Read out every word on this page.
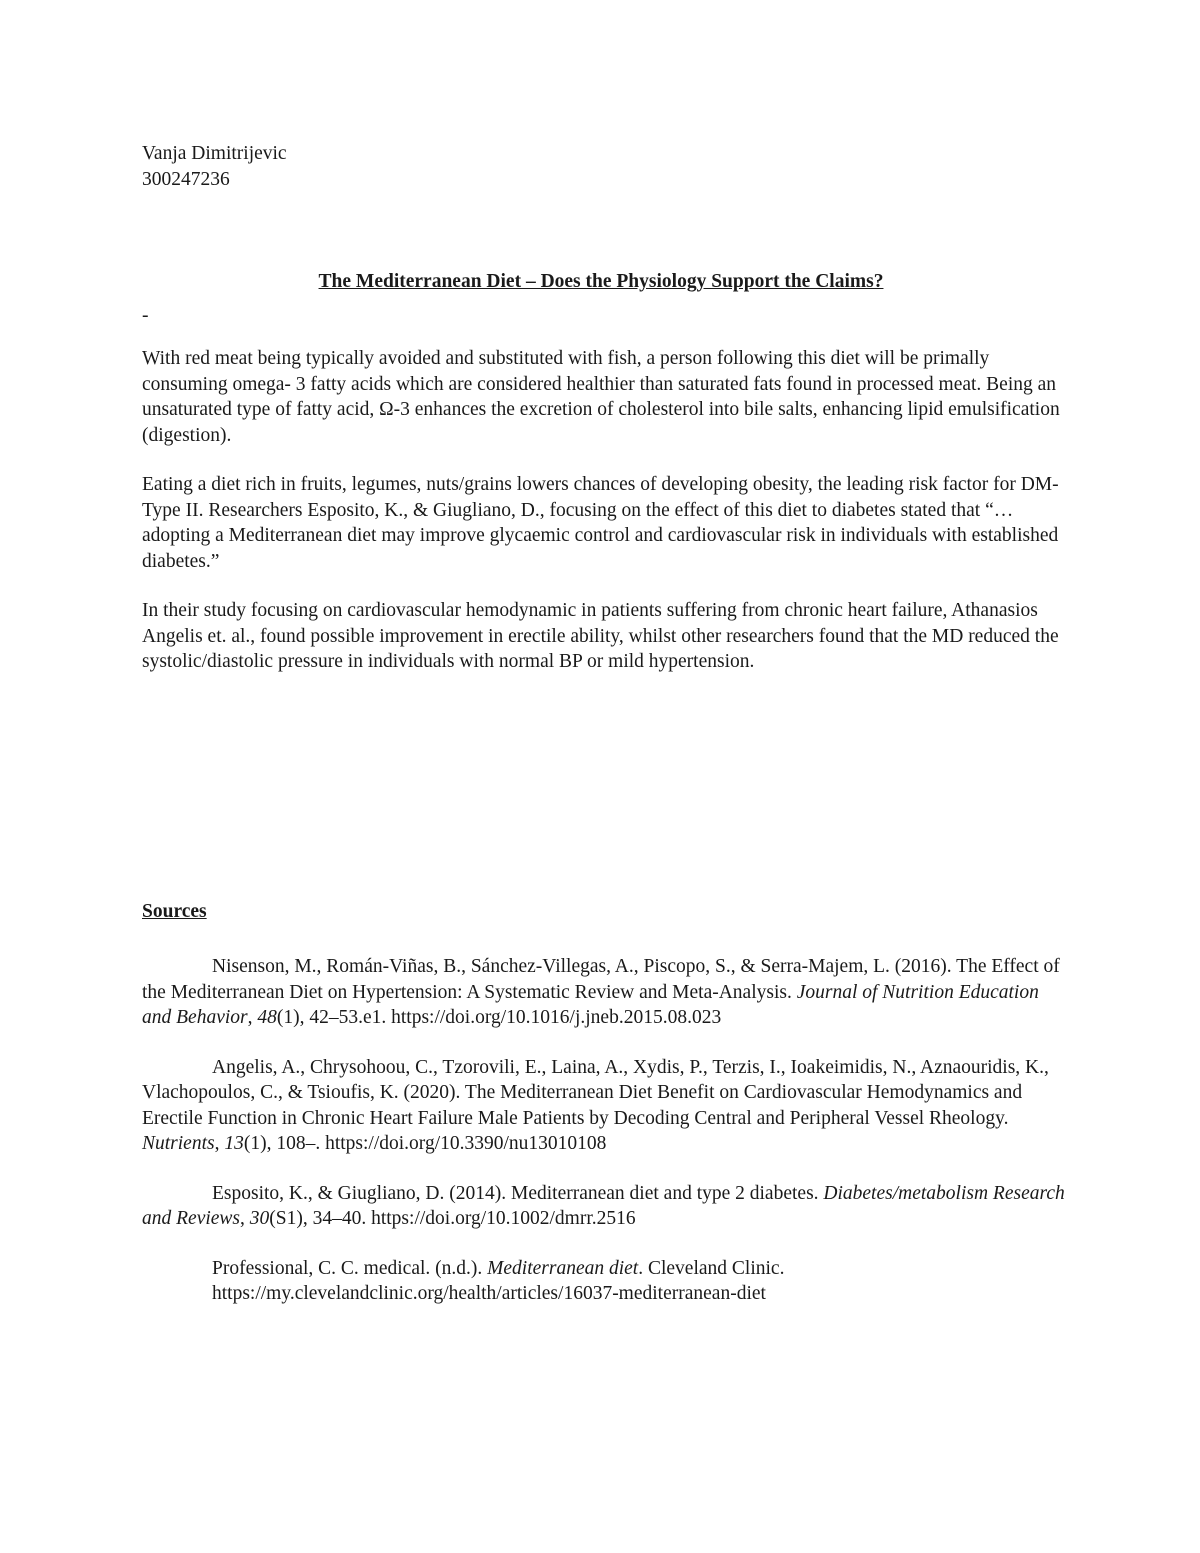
Vanja Dimitrijevic
300247236
The Mediterranean Diet – Does the Physiology Support the Claims?
-

With red meat being typically avoided and substituted with fish, a person following this diet will be primally consuming omega- 3 fatty acids which are considered healthier than saturated fats found in processed meat. Being an unsaturated type of fatty acid, Ω-3 enhances the excretion of cholesterol into bile salts, enhancing lipid emulsification (digestion).

Eating a diet rich in fruits, legumes, nuts/grains lowers chances of developing obesity, the leading risk factor for DM-Type II. Researchers Esposito, K., & Giugliano, D., focusing on the effect of this diet to diabetes stated that “…adopting a Mediterranean diet may improve glycaemic control and cardiovascular risk in individuals with established diabetes.”

In their study focusing on cardiovascular hemodynamic in patients suffering from chronic heart failure, Athanasios Angelis et. al., found possible improvement in erectile ability, whilst other researchers found that the MD reduced the systolic/diastolic pressure in individuals with normal BP or mild hypertension.

Sources

Nisenson, M., Román-Viñas, B., Sánchez-Villegas, A., Piscopo, S., & Serra-Majem, L. (2016). The Effect of the Mediterranean Diet on Hypertension: A Systematic Review and Meta-Analysis. Journal of Nutrition Education and Behavior, 48(1), 42–53.e1. https://doi.org/10.1016/j.jneb.2015.08.023

Angelis, A., Chrysohoou, C., Tzorovili, E., Laina, A., Xydis, P., Terzis, I., Ioakeimidis, N., Aznaouridis, K., Vlachopoulos, C., & Tsioufis, K. (2020). The Mediterranean Diet Benefit on Cardiovascular Hemodynamics and Erectile Function in Chronic Heart Failure Male Patients by Decoding Central and Peripheral Vessel Rheology. Nutrients, 13(1), 108–. https://doi.org/10.3390/nu13010108

Esposito, K., & Giugliano, D. (2014). Mediterranean diet and type 2 diabetes. Diabetes/metabolism Research and Reviews, 30(S1), 34–40. https://doi.org/10.1002/dmrr.2516

Professional, C. C. medical. (n.d.). Mediterranean diet. Cleveland Clinic. https://my.clevelandclinic.org/health/articles/16037-mediterranean-diet
